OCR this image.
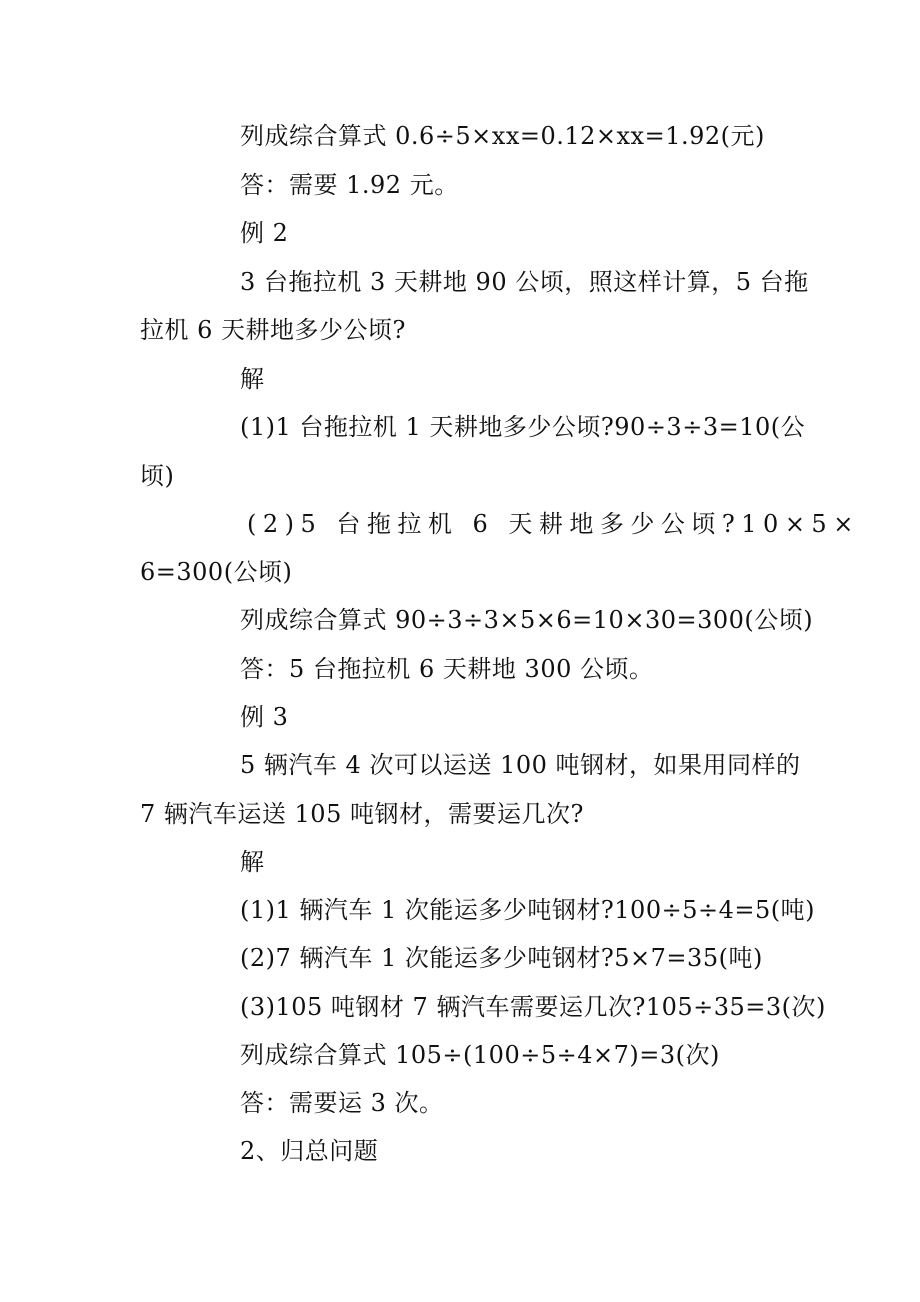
列成综合算式 0.6÷5×xx=0.12×xx=1.92(元)
答：需要 1.92 元。
例 2
3 台拖拉机 3 天耕地 90 公顷，照这样计算，5 台拖
拉机 6 天耕地多少公顷?
解
(1)1 台拖拉机 1 天耕地多少公顷?90÷3÷3=10(公
顷)
(2)5 台拖拉机 6 天耕地多少公顷?10×5×
6=300(公顷)
列成综合算式 90÷3÷3×5×6=10×30=300(公顷)
答：5 台拖拉机 6 天耕地 300 公顷。
例 3
5 辆汽车 4 次可以运送 100 吨钢材，如果用同样的
7 辆汽车运送 105 吨钢材，需要运几次?
解
(1)1 辆汽车 1 次能运多少吨钢材?100÷5÷4=5(吨)
(2)7 辆汽车 1 次能运多少吨钢材?5×7=35(吨)
(3)105 吨钢材 7 辆汽车需要运几次?105÷35=3(次)
列成综合算式 105÷(100÷5÷4×7)=3(次)
答：需要运 3 次。
2、归总问题
